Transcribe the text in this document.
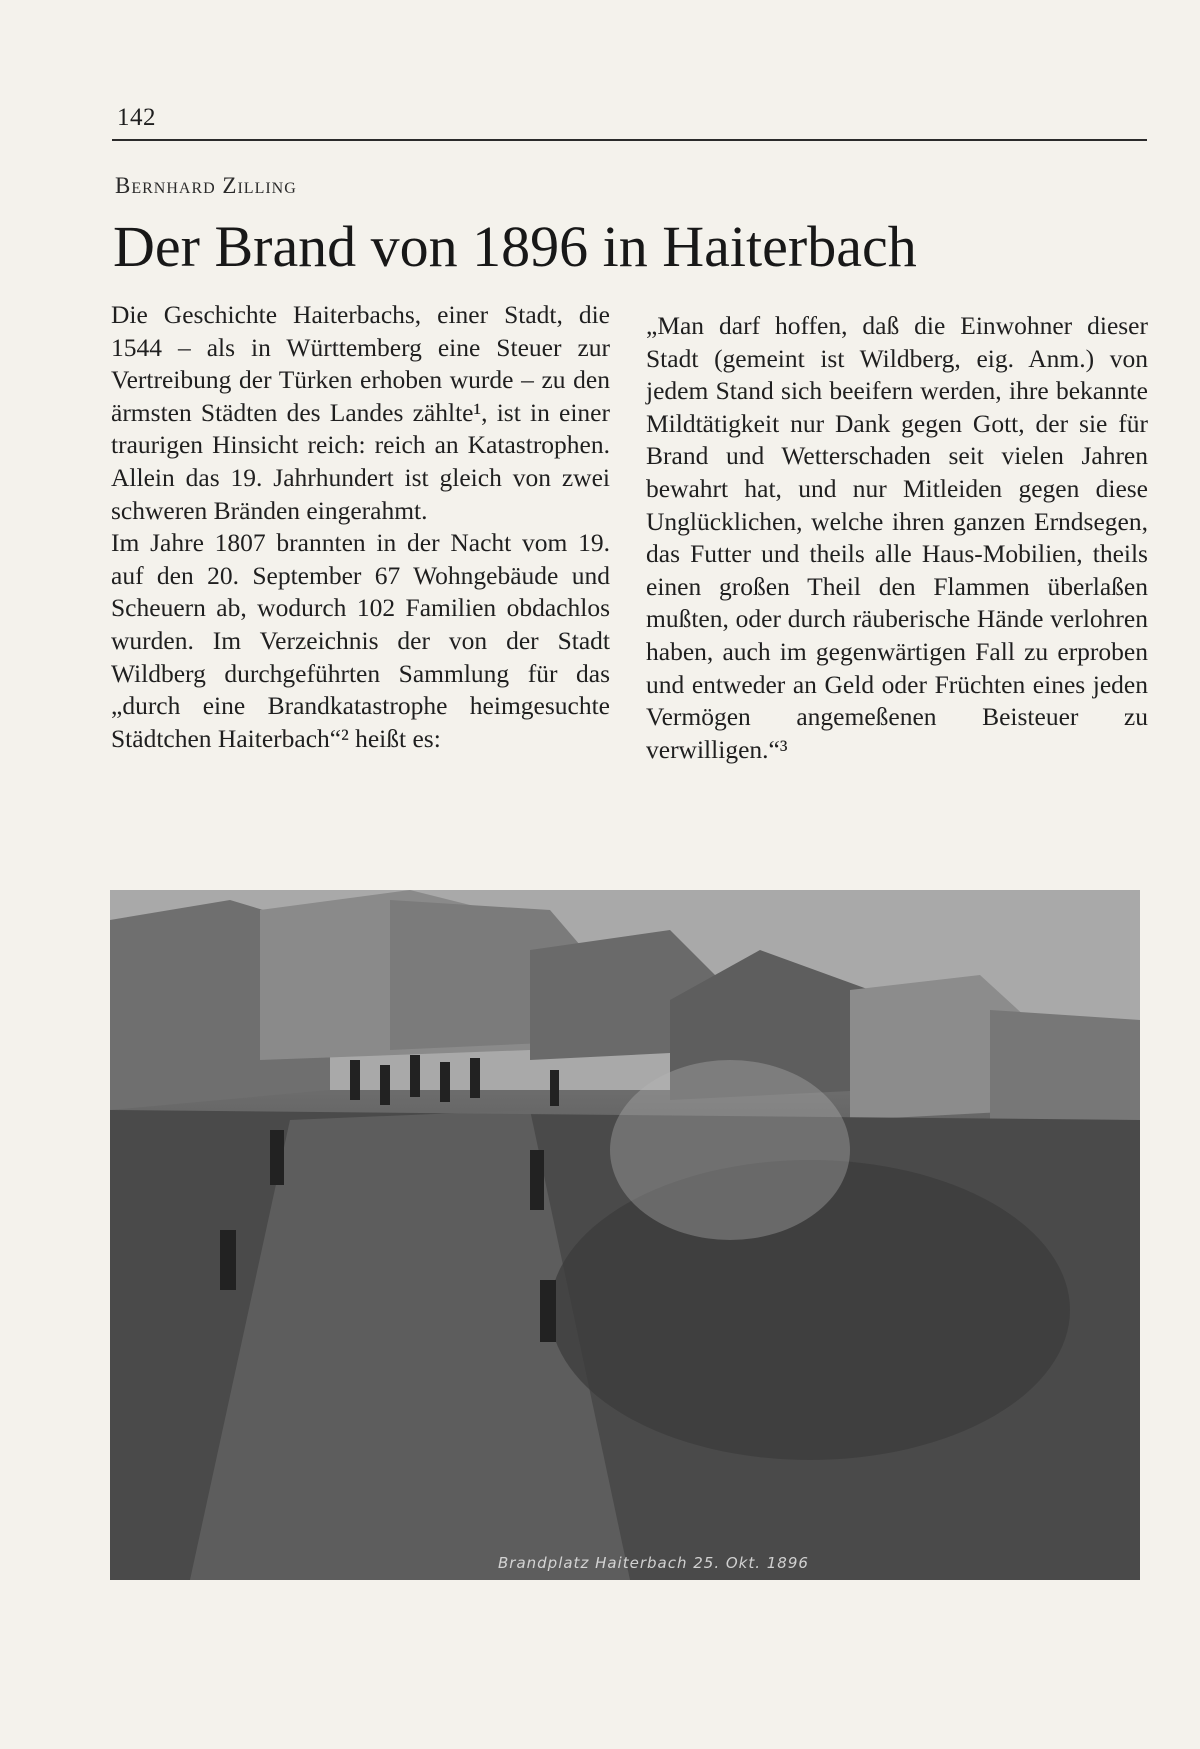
142
Bernhard Zilling
Der Brand von 1896 in Haiterbach

Die Geschichte Haiterbachs, einer Stadt, die 1544 – als in Württemberg eine Steuer zur Vertreibung der Türken erhoben wurde – zu den ärmsten Städten des Landes zählte¹, ist in einer traurigen Hinsicht reich: reich an Katastrophen. Allein das 19. Jahrhundert ist gleich von zwei schweren Bränden eingerahmt.

Im Jahre 1807 brannten in der Nacht vom 19. auf den 20. September 67 Wohngebäude und Scheuern ab, wodurch 102 Familien obdachlos wurden. Im Verzeichnis der von der Stadt Wildberg durchgeführten Sammlung für das „durch eine Brandkatastrophe heimgesuchte Städtchen Haiterbach“² heißt es:

„Man darf hoffen, daß die Einwohner dieser Stadt (gemeint ist Wildberg, eig. Anm.) von jedem Stand sich beeifern werden, ihre bekannte Mildtätigkeit nur Dank gegen Gott, der sie für Brand und Wetterschaden seit vielen Jahren bewahrt hat, und nur Mitleiden gegen diese Unglücklichen, welche ihren ganzen Erndsegen, das Futter und theils alle Haus-Mobilien, theils einen großen Theil den Flammen überlaßen mußten, oder durch räuberische Hände verlohren haben, auch im gegenwärtigen Fall zu erproben und entweder an Geld oder Früchten eines jeden Vermögen angemeßenen Beisteuer zu verwilligen.“³

Brandplatz Haiterbach 25. Okt. 1896
